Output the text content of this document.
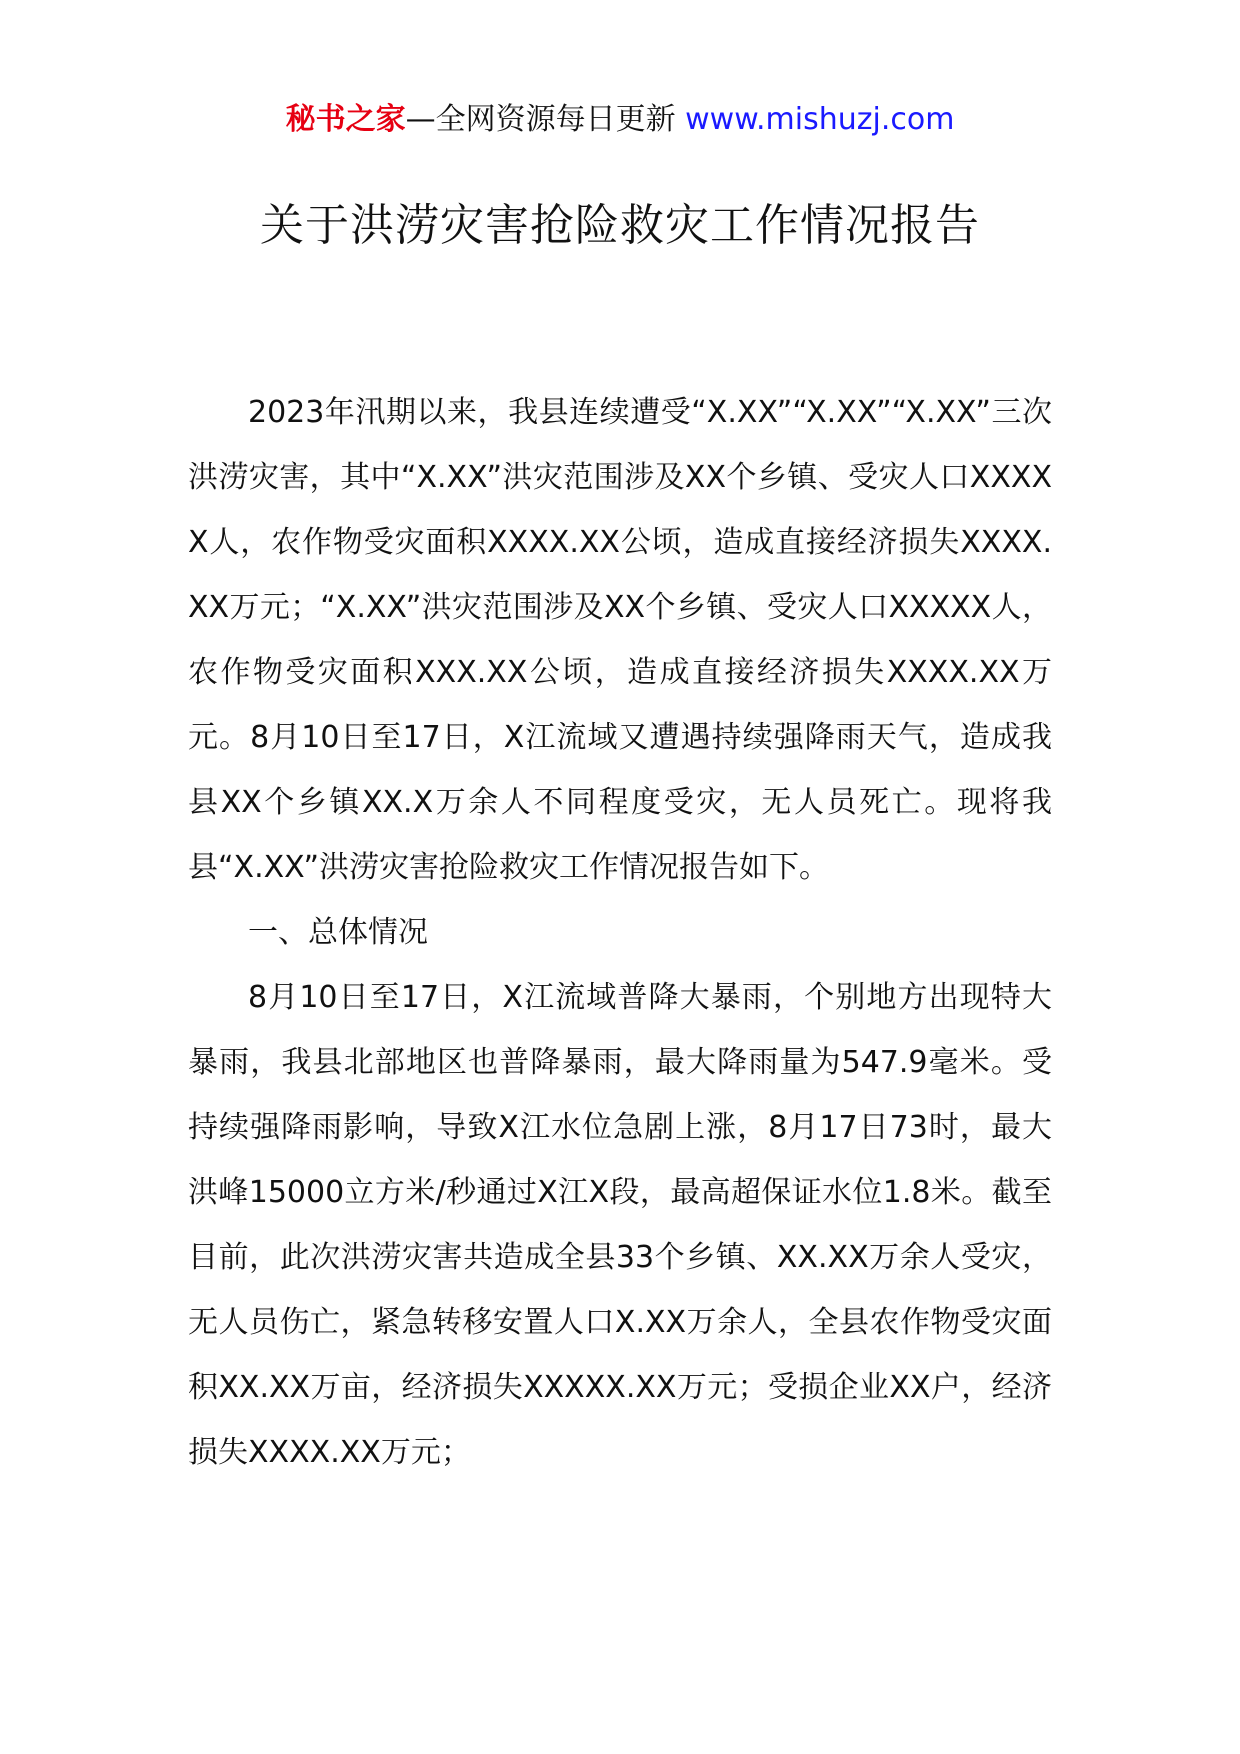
秘书之家—全网资源每日更新 www.mishuzj.com
关于洪涝灾害抢险救灾工作情况报告

2023年汛期以来，我县连续遭受“X.XX”“X.XX”“X.XX”三次洪涝灾害，其中“X.XX”洪灾范围涉及XX个乡镇、受灾人口XXXXX人，农作物受灾面积XXXX.XX公顷，造成直接经济损失XXXX.XX万元；“X.XX”洪灾范围涉及XX个乡镇、受灾人口XXXXX人，农作物受灾面积XXX.XX公顷，造成直接经济损失XXXX.XX万元。8月10日至17日，X江流域又遭遇持续强降雨天气，造成我县XX个乡镇XX.X万余人不同程度受灾，无人员死亡。现将我县“X.XX”洪涝灾害抢险救灾工作情况报告如下。

一、总体情况

8月10日至17日，X江流域普降大暴雨，个别地方出现特大暴雨，我县北部地区也普降暴雨，最大降雨量为547.9毫米。受持续强降雨影响，导致X江水位急剧上涨，8月17日73时，最大洪峰15000立方米/秒通过X江X段，最高超保证水位1.8米。截至目前，此次洪涝灾害共造成全县33个乡镇、XX.XX万余人受灾，无人员伤亡，紧急转移安置人口X.XX万余人，全县农作物受灾面积XX.XX万亩，经济损失XXXXX.XX万元；受损企业XX户，经济损失XXXX.XX万元；
